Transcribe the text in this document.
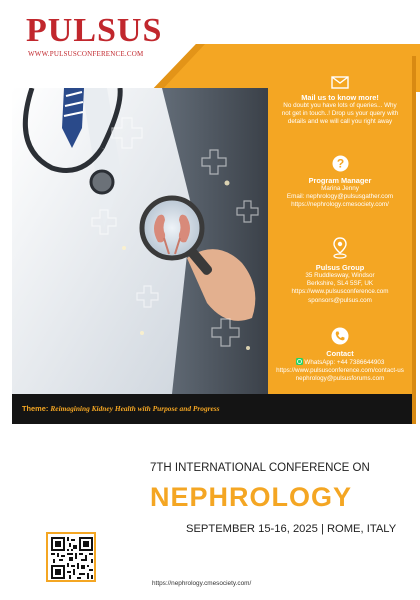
PULSUS
WWW.PULSUSCONFERENCE.COM
Mail us to know more!
No doubt you have lots of queries... Why
not get in touch..! Drop us your query with
details and we will call you right away
?
Program Manager
Marina Jenny
Email: nephrology@pulsusgather.com
https://nephrology.cmesociety.com/
Pulsus Group
35 Ruddlesway, Windsor
Berkshire, SL4 5SF, UK
https://www.pulsusconference.com
sponsors@pulsus.com
Contact
WhatsApp: +44 7386644903
https://www.pulsusconference.com/contact-us
nephrology@pulsusforums.com
Theme: Reimagining Kidney Health with Purpose and Progress
7TH INTERNATIONAL CONFERENCE ON
NEPHROLOGY
SEPTEMBER 15-16, 2025 | ROME, ITALY
https://nephrology.cmesociety.com/
